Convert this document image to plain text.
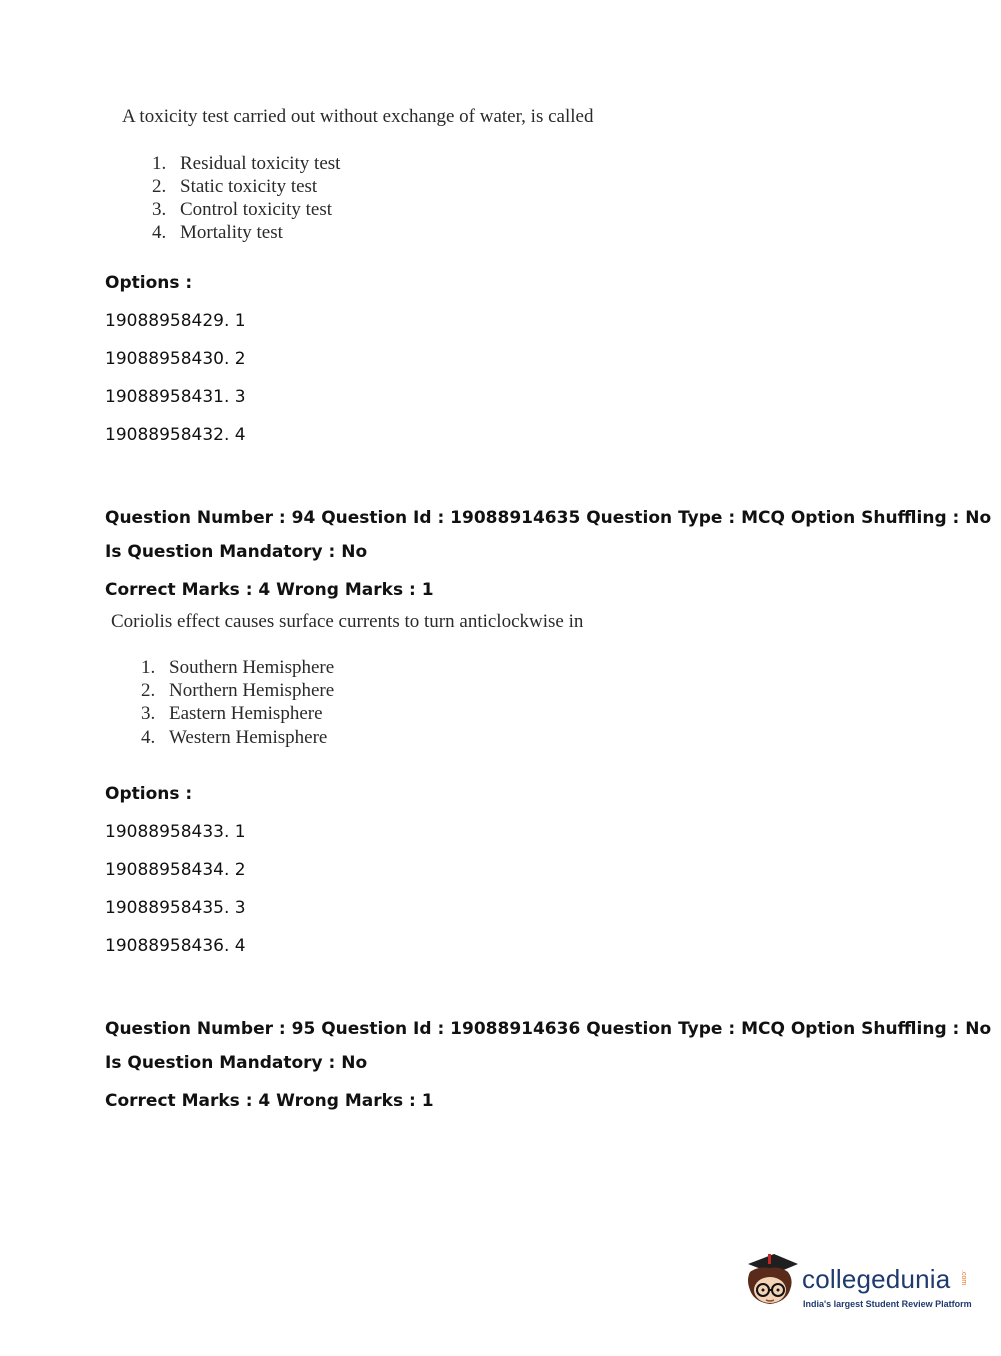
A toxicity test carried out without exchange of water, is called
1. Residual toxicity test
2. Static toxicity test
3. Control toxicity test
4. Mortality test
Options :
19088958429. 1
19088958430. 2
19088958431. 3
19088958432. 4
Question Number : 94 Question Id : 19088914635 Question Type : MCQ Option Shuffling : No
Is Question Mandatory : No
Correct Marks : 4 Wrong Marks : 1
Coriolis effect causes surface currents to turn anticlockwise in
1. Southern Hemisphere
2. Northern Hemisphere
3. Eastern Hemisphere
4. Western Hemisphere
Options :
19088958433. 1
19088958434. 2
19088958435. 3
19088958436. 4
Question Number : 95 Question Id : 19088914636 Question Type : MCQ Option Shuffling : No
Is Question Mandatory : No
Correct Marks : 4 Wrong Marks : 1
collegedunia .com
India's largest Student Review Platform
